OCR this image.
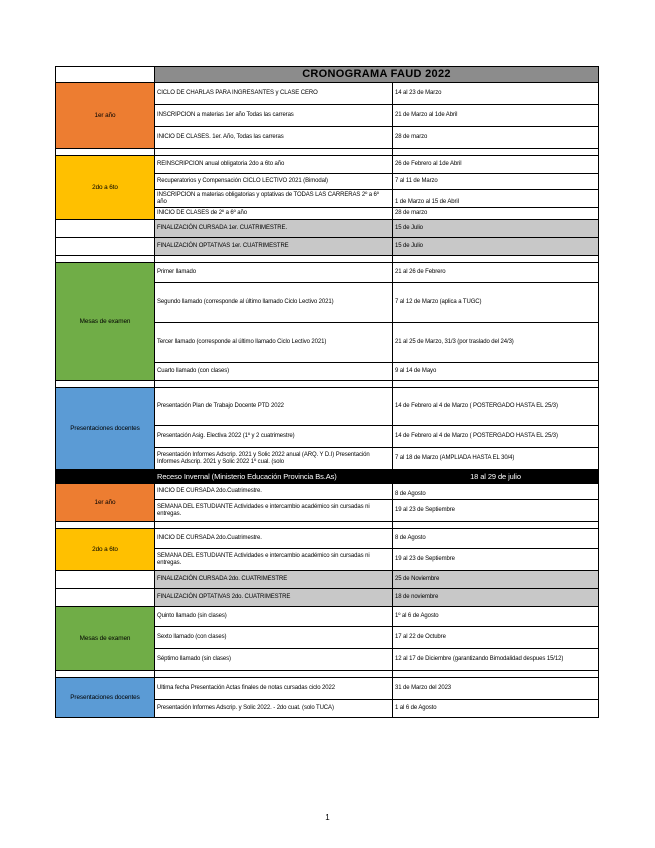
	CRONOGRAMA FAUD 2022	
1er año	CICLO DE CHARLAS PARA INGRESANTES y CLASE CERO	14 al 23 de Marzo
	INSCRIPCION a materias 1er año Todas las carreras	21 de Marzo al 1de Abril
	INICIO DE CLASES. 1er. Año, Todas las carreras	28 de marzo

2do a 6to	REINSCRIPCION anual obligatoria 2do a 6to año	26 de Febrero al 1de Abril
	Recuperatorios y Compensación CICLO LECTIVO 2021 (Bimodal)	7 al 11 de Marzo
	INSCRIPCION a materias obligatorias y optativas de TODAS LAS CARRERAS 2º a 6º año	1 de Marzo al 15 de Abril
	INICIO DE CLASES de 2º a 6º año	28 de marzo
	FINALIZACIÓN CURSADA 1er. CUATRIMESTRE.	15 de Julio
	FINALIZACIÓN OPTATIVAS 1er. CUATRIMESTRE	15 de Julio

Mesas de examen	Primer llamado	21 al 26 de Febrero
	Segundo llamado (corresponde al último llamado Ciclo Lectivo 2021)	7 al 12 de Marzo (aplica a TUGC)
	Tercer llamado (corresponde al último llamado Ciclo Lectivo 2021)	21 al 25 de Marzo, 31/3 (por traslado del 24/3)
	Cuarto llamado (con clases)	9 al 14 de Mayo

Presentaciones docentes	Presentación Plan de Trabajo Docente PTD 2022	14 de Febrero al 4 de Marzo ( POSTERGADO HASTA EL 25/3)
	Presentación Asig. Electiva 2022 (1º y 2 cuatrimestre)	14 de Febrero al 4 de Marzo ( POSTERGADO HASTA EL 25/3)
	Presentación Informes Adscrip. 2021 y Solic 2022 anual (ARQ. Y D.I) Presentación Informes Adscrip. 2021 y Solic 2022 1º cual. (solo	7 al 18 de Marzo (AMPLIADA HASTA EL 30/4)
	Receso Invernal (Ministerio Educación Provincia Bs.As)	18 al 29 de julio
1er año	INICIO DE CURSADA 2do.Cuatrimestre.	8 de Agosto
	SEMANA DEL ESTUDIANTE Actividades e intercambio académico sin cursadas ni entregas.	19 al 23 de Septiembre

2do a 6to	INICIO DE CURSADA 2do.Cuatrimestre.	8 de Agosto
	SEMANA DEL ESTUDIANTE Actividades e intercambio académico sin cursadas ni entregas.	19 al 23 de Septiembre
	FINALIZACIÓN CURSADA 2do. CUATRIMESTRE	25 de Noviembre
	FINALIZACIÓN OPTATIVAS 2do. CUATRIMESTRE	18 de noviembre
Mesas de examen	Quinto llamado (sin clases)	1º al 6 de Agosto
	Sexto llamado (con clases)	17 al 22 de Octubre
	Séptimo llamado (sin clases)	12 al 17 de Diciembre (garantizando Bimodalidad despues 15/12)

Presentaciones docentes	Ultima fecha Presentación Actas finales de notas cursadas ciclo 2022	31 de Marzo del 2023
	Presentación Informes Adscrip. y Solic 2022. - 2do cuat. (solo TUCA)	1 al 6 de Agosto
1
